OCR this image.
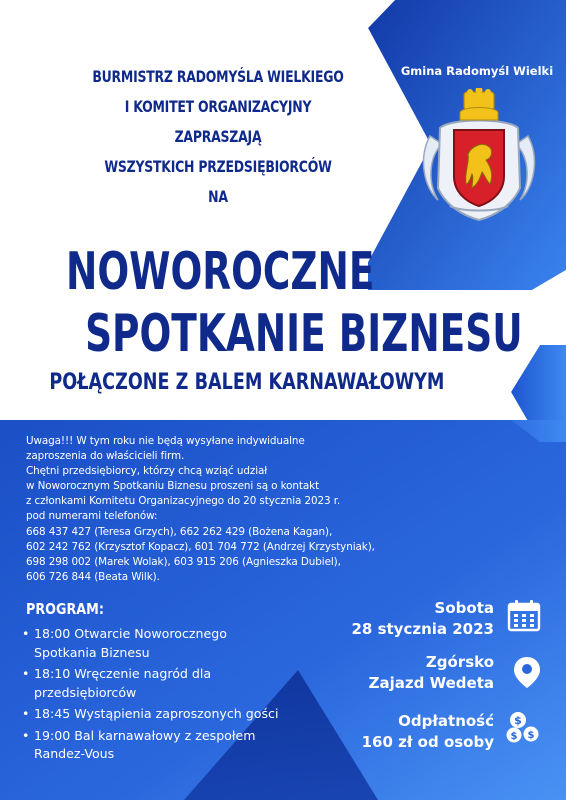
Gmina Radomyśl Wielki
BURMISTRZ RADOMYŚLA WIELKIEGO
I KOMITET ORGANIZACYJNY
ZAPRASZAJĄ
WSZYSTKICH PRZEDSIĘBIORCÓW
NA
NOWOROCZNE
SPOTKANIE BIZNESU
POŁĄCZONE Z BALEM KARNAWAŁOWYM
Uwaga!!! W tym roku nie będą wysyłane indywidualne
zaproszenia do właścicieli firm.
Chętni przedsiębiorcy, którzy chcą wziąć udział
w Noworocznym Spotkaniu Biznesu proszeni są o kontakt
z członkami Komitetu Organizacyjnego do 20 stycznia 2023 r.
pod numerami telefonów:
668 437 427 (Teresa Grzych), 662 262 429 (Bożena Kagan),
602 242 762 (Krzysztof Kopacz), 601 704 772 (Andrzej Krzystyniak),
698 298 002 (Marek Wolak), 603 915 206 (Agnieszka Dubiel),
606 726 844 (Beata Wilk).
PROGRAM:
• 18:00 Otwarcie Noworocznego Spotkania Biznesu
• 18:10 Wręczenie nagród dla przedsiębiorców
• 18:45 Wystąpienia zaproszonych gości
• 19:00 Bal karnawałowy z zespołem Randez-Vous
Sobota
28 stycznia 2023
Zgórsko
Zajazd Wedeta
Odpłatność
160 zł od osoby
$
$ $
